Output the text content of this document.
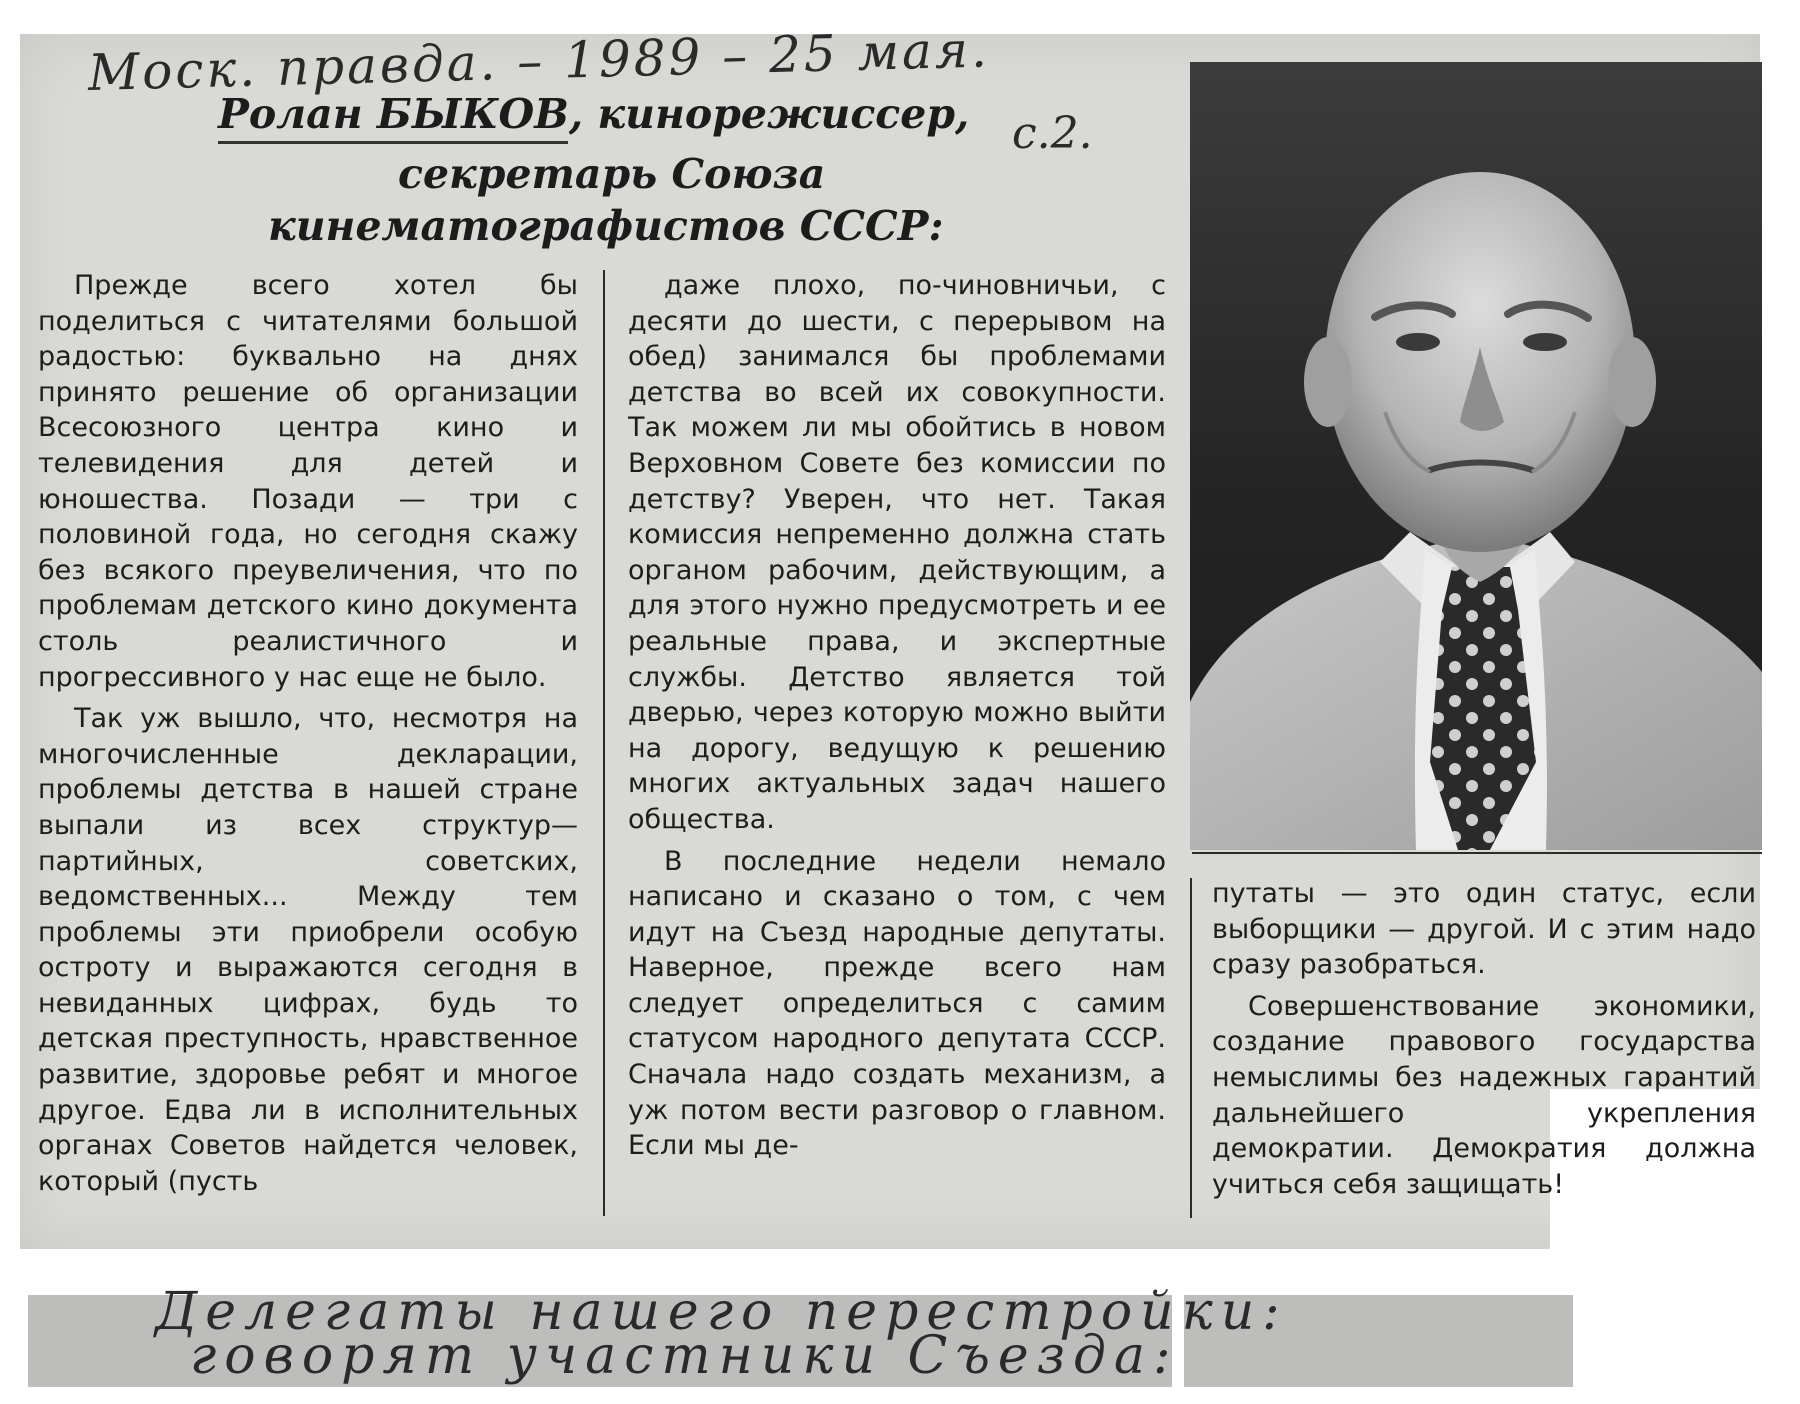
Моск. правда. – 1989 – 25 мая.
с.2.
Ролан БЫКОВ, кинорежиссер,
секретарь Союза
кинематографистов СССР:

Прежде всего хотел бы поделиться с читателями большой радостью: буквально на днях принято решение об организации Всесоюзного центра кино и телевидения для детей и юношества. Позади — три с половиной года, но сегодня скажу без всякого преувеличения, что по проблемам детского кино документа столь реалистичного и прогрессивного у нас еще не было.

Так уж вышло, что, несмотря на многочисленные декларации, проблемы детства в нашей стране выпали из всех структур— партийных, советских, ведомственных... Между тем проблемы эти приобрели особую остроту и выражаются сегодня в невиданных цифрах, будь то детская преступность, нравственное развитие, здоровье ребят и многое другое. Едва ли в исполнительных органах Советов найдется человек, который (пусть

даже плохо, по-чиновничьи, с десяти до шести, с перерывом на обед) занимался бы проблемами детства во всей их совокупности. Так можем ли мы обойтись в новом Верховном Совете без комиссии по детству? Уверен, что нет. Такая комиссия непременно должна стать органом рабочим, действующим, а для этого нужно предусмотреть и ее реальные права, и экспертные службы. Детство является той дверью, через которую можно выйти на дорогу, ведущую к решению многих актуальных задач нашего общества.

В последние недели немало написано и сказано о том, с чем идут на Съезд народные депутаты. Наверное, прежде всего нам следует определиться с самим статусом народного депутата СССР. Сначала надо создать механизм, а уж потом вести разговор о главном. Если мы де-

путаты — это один статус, если выборщики — другой. И с этим надо сразу разобраться.

Совершенствование экономики, создание правового государства немыслимы без надежных гарантий дальнейшего укрепления демократии. Демократия должна учиться себя защищать!

Делегаты нашего перестройки:
говорят участники Съезда:
